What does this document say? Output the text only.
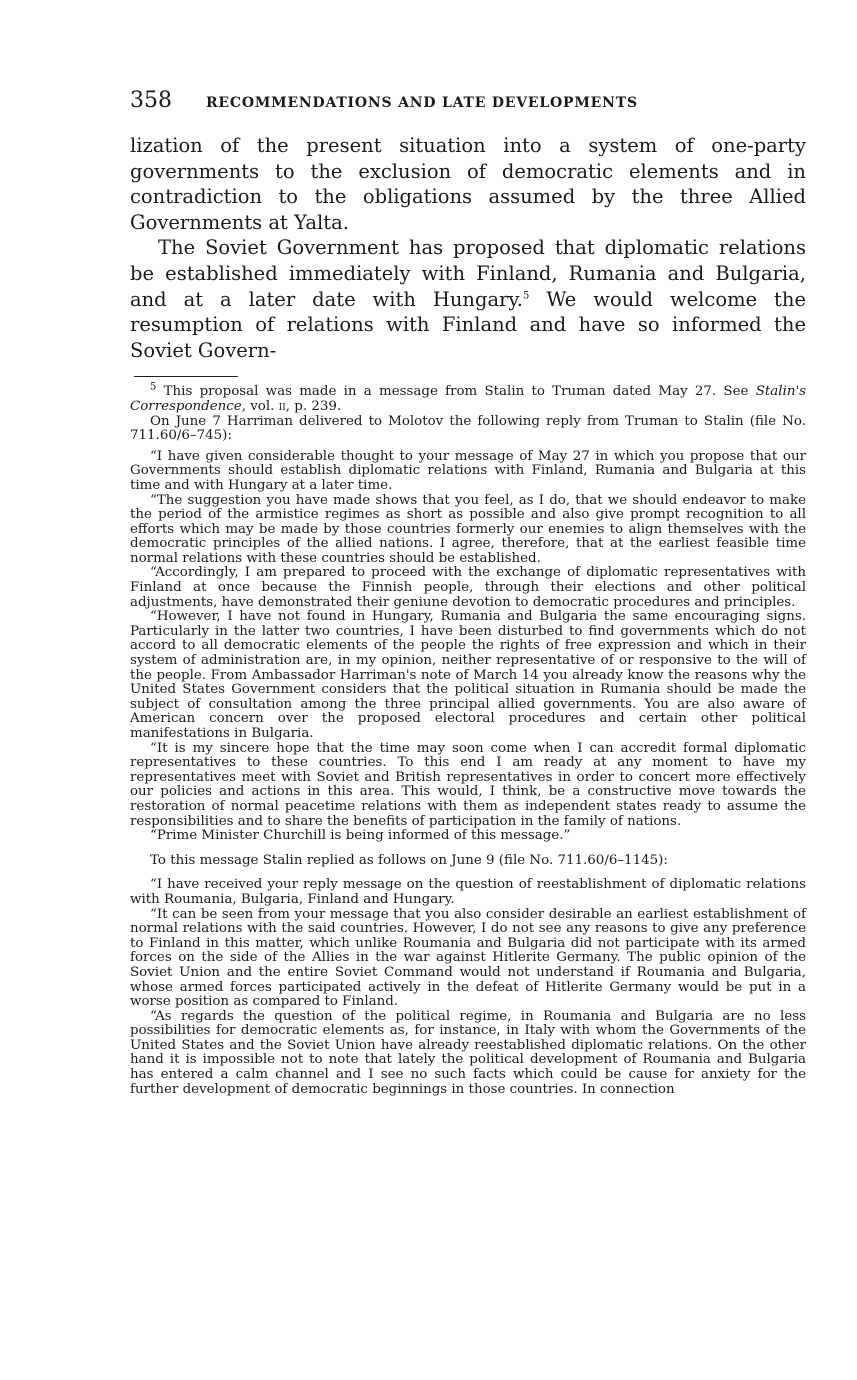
358	RECOMMENDATIONS AND LATE DEVELOPMENTS

lization of the present situation into a system of one-party governments to the exclusion of democratic elements and in contradiction to the obligations assumed by the three Allied Governments at Yalta.

The Soviet Government has proposed that diplomatic relations be established immediately with Finland, Rumania and Bulgaria, and at a later date with Hungary.$^5$ We would welcome the resumption of relations with Finland and have so informed the Soviet Govern-

$^5$ This proposal was made in a message from Stalin to Truman dated May 27. See Stalin's Correspondence, vol. ii, p. 239.

On June 7 Harriman delivered to Molotov the following reply from Truman to Stalin (file No. 711.60/6–745):

“I have given considerable thought to your message of May 27 in which you propose that our Governments should establish diplomatic relations with Finland, Rumania and Bulgaria at this time and with Hungary at a later time.

“The suggestion you have made shows that you feel, as I do, that we should endeavor to make the period of the armistice regimes as short as possible and also give prompt recognition to all efforts which may be made by those countries formerly our enemies to align themselves with the democratic principles of the allied nations. I agree, therefore, that at the earliest feasible time normal relations with these countries should be established.

“Accordingly, I am prepared to proceed with the exchange of diplomatic representatives with Finland at once because the Finnish people, through their elections and other political adjustments, have demonstrated their geniune devotion to democratic procedures and principles.

“However, I have not found in Hungary, Rumania and Bulgaria the same encouraging signs. Particularly in the latter two countries, I have been disturbed to find governments which do not accord to all democratic elements of the people the rights of free expression and which in their system of administration are, in my opinion, neither representative of or responsive to the will of the people. From Ambassador Harriman's note of March 14 you already know the reasons why the United States Government considers that the political situation in Rumania should be made the subject of consultation among the three principal allied governments. You are also aware of American concern over the proposed electoral procedures and certain other political manifestations in Bulgaria.

“It is my sincere hope that the time may soon come when I can accredit formal diplomatic representatives to these countries. To this end I am ready at any moment to have my representatives meet with Soviet and British representatives in order to concert more effectively our policies and actions in this area. This would, I think, be a constructive move towards the restoration of normal peacetime relations with them as independent states ready to assume the responsibilities and to share the benefits of participation in the family of nations.

“Prime Minister Churchill is being informed of this message.”

To this message Stalin replied as follows on June 9 (file No. 711.60/6–1145):

“I have received your reply message on the question of reestablishment of diplomatic relations with Roumania, Bulgaria, Finland and Hungary.

“It can be seen from your message that you also consider desirable an earliest establishment of normal relations with the said countries. However, I do not see any reasons to give any preference to Finland in this matter, which unlike Roumania and Bulgaria did not participate with its armed forces on the side of the Allies in the war against Hitlerite Germany. The public opinion of the Soviet Union and the entire Soviet Command would not understand if Roumania and Bulgaria, whose armed forces participated actively in the defeat of Hitlerite Germany would be put in a worse position as compared to Finland.

“As regards the question of the political regime, in Roumania and Bulgaria are no less possibilities for democratic elements as, for instance, in Italy with whom the Governments of the United States and the Soviet Union have already reestablished diplomatic relations. On the other hand it is impossible not to note that lately the political development of Roumania and Bulgaria has entered a calm channel and I see no such facts which could be cause for anxiety for the further development of democratic beginnings in those countries. In connection
